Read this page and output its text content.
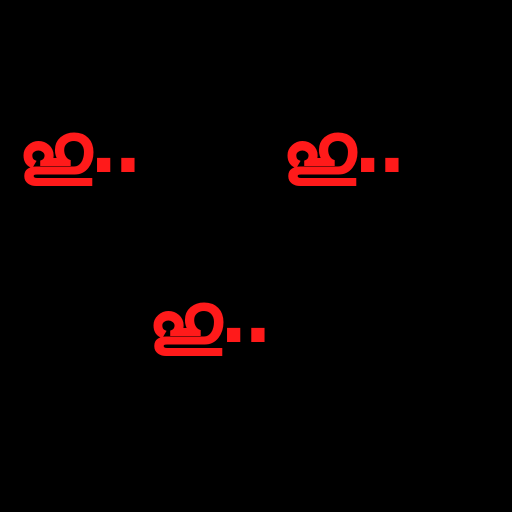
ഹു.. ഹു..
ഹു..
